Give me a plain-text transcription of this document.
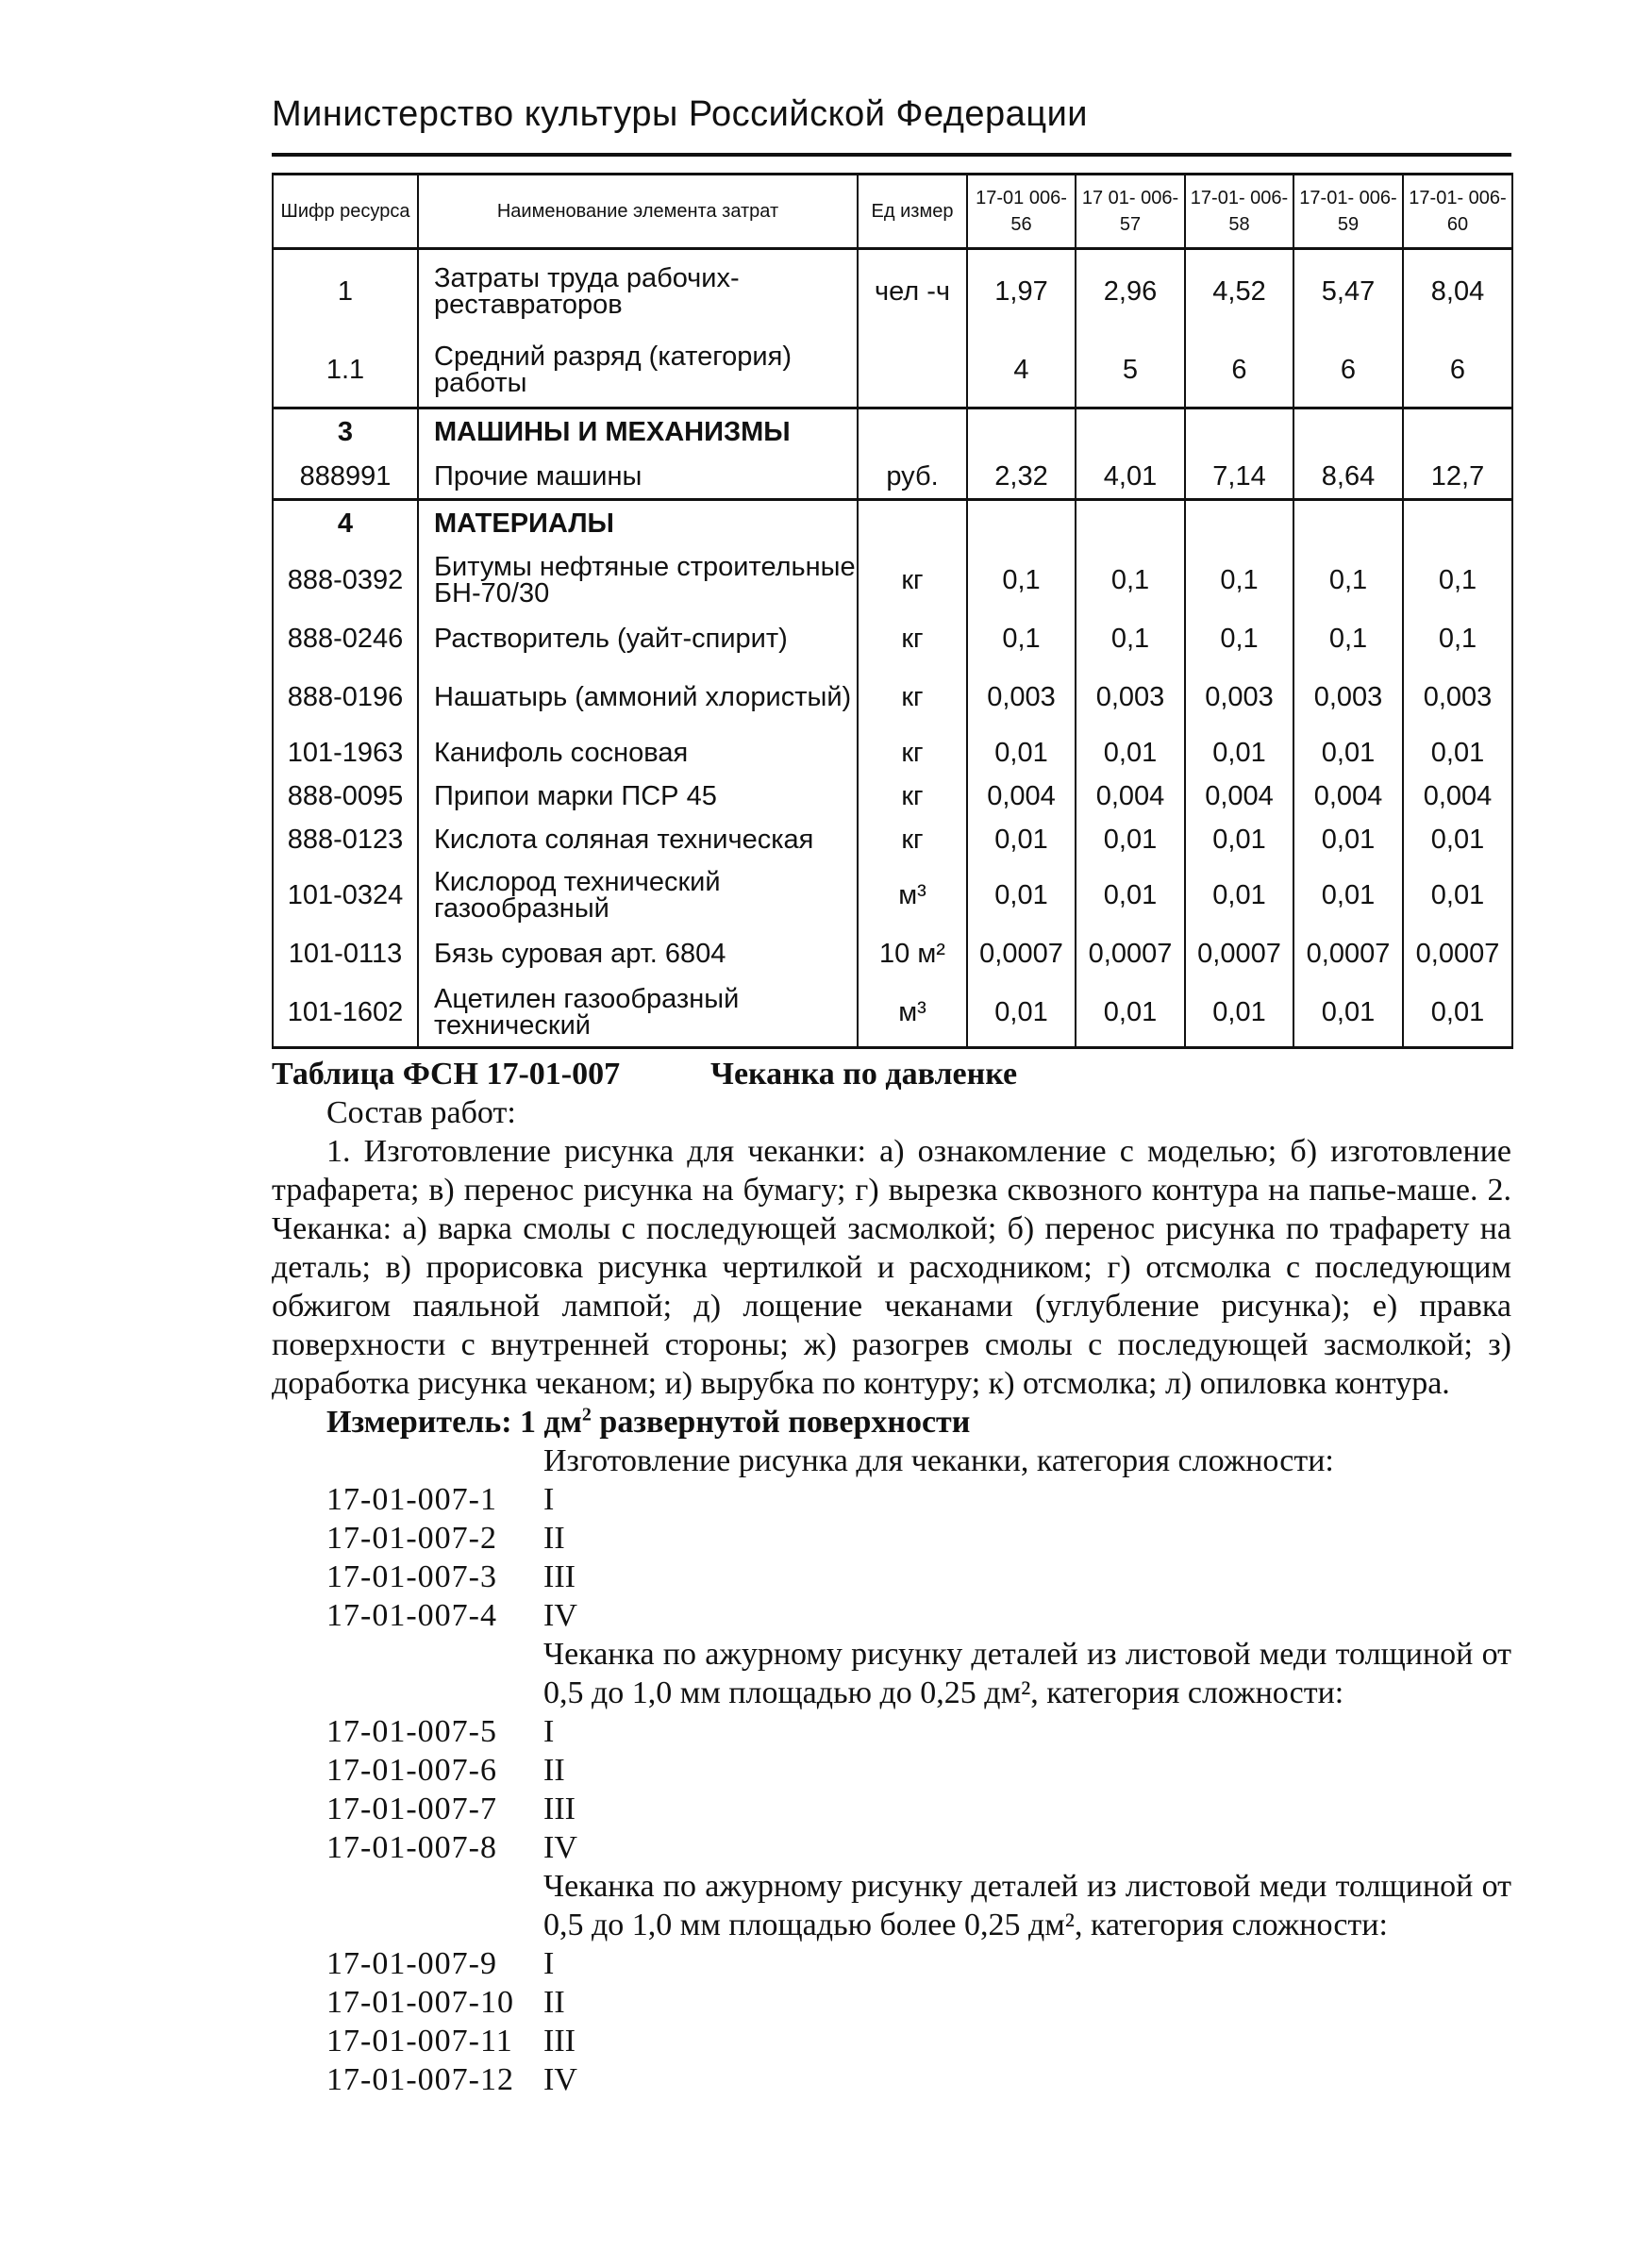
Министерство культуры Российской Федерации
Шифр ресурса	Наименование элемента затрат	Ед измер	17-01 006-56	17 01- 006-57	17-01- 006-58	17-01- 006-59	17-01- 006-60
1	Затраты труда рабочих-реставраторов	чел -ч	1,97	2,96	4,52	5,47	8,04
1.1	Средний разряд (категория) работы		4	5	6	6	6
3	МАШИНЫ И МЕХАНИЗМЫ						
888991	Прочие машины	руб.	2,32	4,01	7,14	8,64	12,7
4	МАТЕРИАЛЫ						
888-0392	Битумы нефтяные строительные БН-70/30	кг	0,1	0,1	0,1	0,1	0,1
888-0246	Растворитель (уайт-спирит)	кг	0,1	0,1	0,1	0,1	0,1
888-0196	Нашатырь (аммоний хлористый)	кг	0,003	0,003	0,003	0,003	0,003
101-1963	Канифоль сосновая	кг	0,01	0,01	0,01	0,01	0,01
888-0095	Припои марки ПСР 45	кг	0,004	0,004	0,004	0,004	0,004
888-0123	Кислота соляная техническая	кг	0,01	0,01	0,01	0,01	0,01
101-0324	Кислород технический газообразный	м³	0,01	0,01	0,01	0,01	0,01
101-0113	Бязь суровая арт. 6804	10 м²	0,0007	0,0007	0,0007	0,0007	0,0007
101-1602	Ацетилен газообразный технический	м³	0,01	0,01	0,01	0,01	0,01
Таблица ФСН 17-01-007	Чеканка по давленке
Состав работ:
1. Изготовление рисунка для чеканки: а) ознакомление с моделью; б) изготовление трафарета; в) перенос рисунка на бумагу; г) вырезка сквозного контура на папье-маше. 2. Чеканка: а) варка смолы с последующей засмолкой; б) перенос рисунка по трафарету на деталь; в) прорисовка рисунка чертилкой и расходником; г) отсмолка с последующим обжигом паяльной лампой; д) лощение чеканами (углубление рисунка); е) правка поверхности с внутренней стороны; ж) разогрев смолы с последующей засмолкой; з) доработка рисунка чеканом; и) вырубка по контуру; к) отсмолка; л) опиловка контура.
Измеритель: 1 $дм^2$ развернутой поверхности
Изготовление рисунка для чеканки, категория сложности:
17-01-007-1	I
17-01-007-2	II
17-01-007-3	III
17-01-007-4	IV
Чеканка по ажурному рисунку деталей из листовой меди толщиной от 0,5 до 1,0 мм площадью до 0,25 дм², категория сложности:
17-01-007-5	I
17-01-007-6	II
17-01-007-7	III
17-01-007-8	IV
Чеканка по ажурному рисунку деталей из листовой меди толщиной от 0,5 до 1,0 мм площадью более 0,25 дм², категория сложности:
17-01-007-9	I
17-01-007-10 II
17-01-007-11 III
17-01-007-12 IV
